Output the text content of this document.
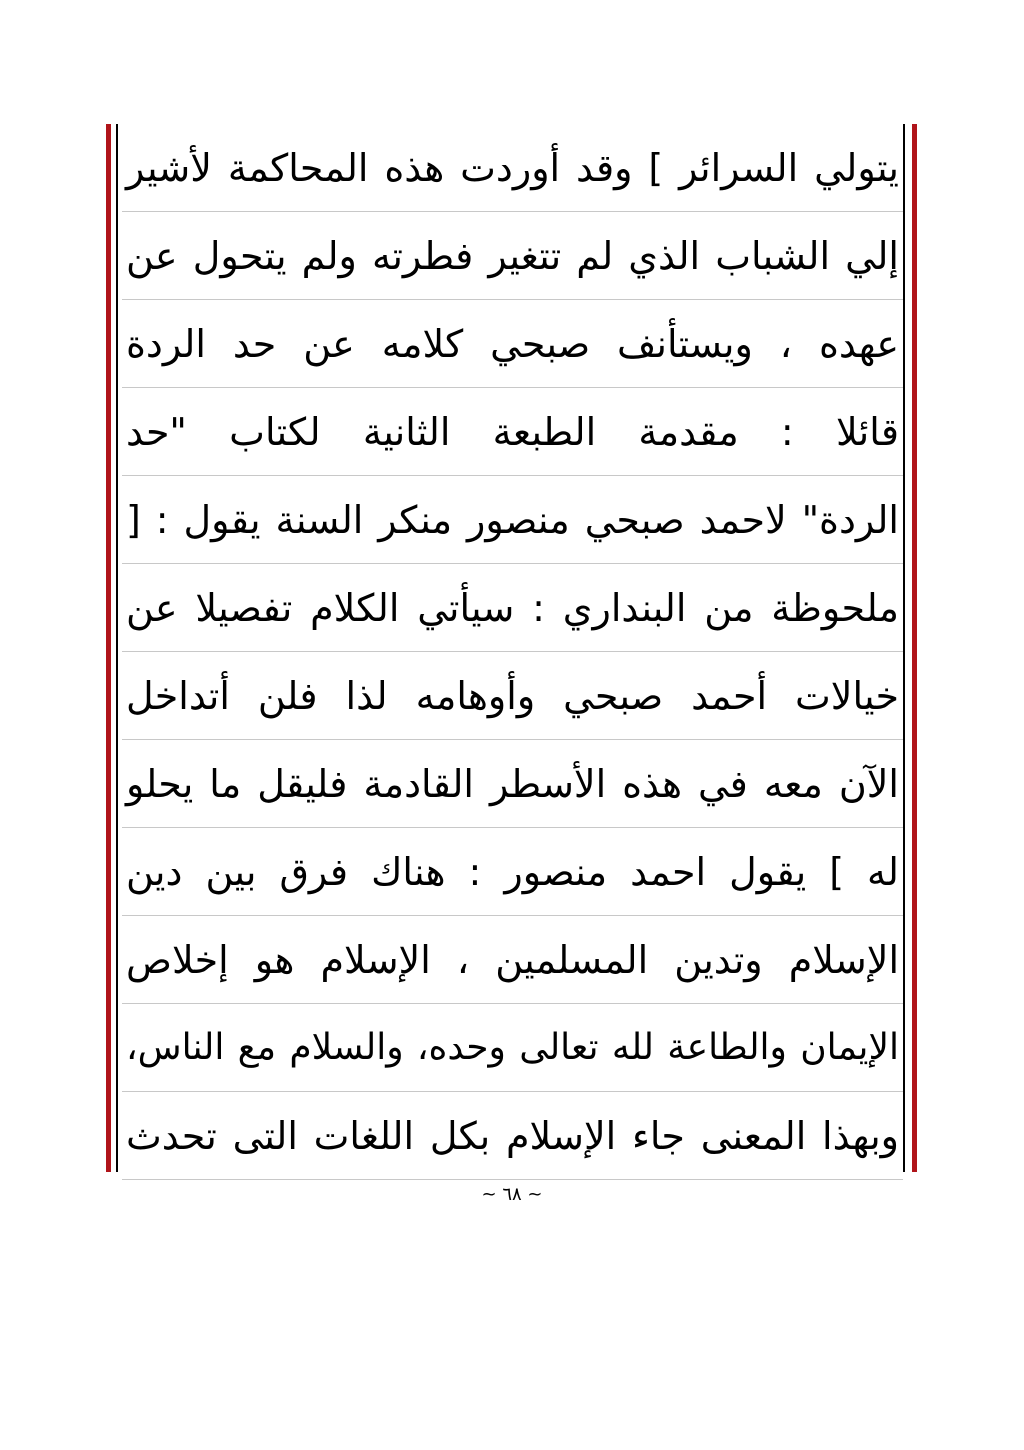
يتولي السرائر ] وقد أوردت هذه المحاكمة لأشير
إلي الشباب الذي لم تتغير فطرته ولم يتحول عن
عهده ، ويستأنف صبحي كلامه عن حد الردة
قائلا : مقدمة الطبعة الثانية لكتاب "حد
الردة" لاحمد صبحي منصور منكر السنة يقول : [
ملحوظة من البنداري : سيأتي الكلام تفصيلا عن
خيالات أحمد صبحي وأوهامه لذا فلن أتداخل
الآن معه في هذه الأسطر القادمة فليقل ما يحلو
له ] يقول احمد منصور : هناك فرق بين دين
الإسلام وتدين المسلمين ، الإسلام هو إخلاص
الإيمان والطاعة لله تعالى وحده، والسلام مع الناس،
وبهذا المعنى جاء الإسلام بكل اللغات التى تحدث
~ ٦٨ ~
